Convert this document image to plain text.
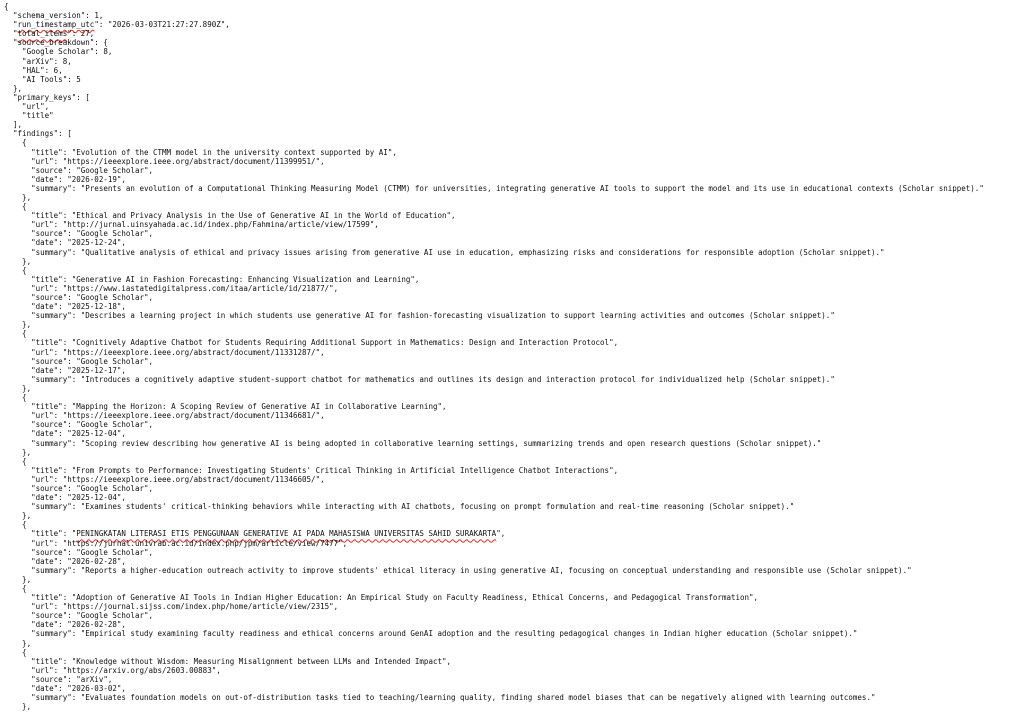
{
"schema_version": 1,
"run_timestamp_utc": "2026-03-03T21:27:27.890Z",
"total_items": 27,
"source_breakdown": {
"Google Scholar": 8,
"arXiv": 8,
"HAL": 6,
"AI Tools": 5
},
"primary_keys": [
"url",
"title"
],
"findings": [
{
"title": "Evolution of the CTMM model in the university context supported by AI",
"url": "https://ieeexplore.ieee.org/abstract/document/11399951/",
"source": "Google Scholar",
"date": "2026-02-19",
"summary": "Presents an evolution of a Computational Thinking Measuring Model (CTMM) for universities, integrating generative AI tools to support the model and its use in educational contexts (Scholar snippet)."
},
{
"title": "Ethical and Privacy Analysis in the Use of Generative AI in the World of Education",
"url": "http://jurnal.uinsyahada.ac.id/index.php/Fahmina/article/view/17599",
"source": "Google Scholar",
"date": "2025-12-24",
"summary": "Qualitative analysis of ethical and privacy issues arising from generative AI use in education, emphasizing risks and considerations for responsible adoption (Scholar snippet)."
},
{
"title": "Generative AI in Fashion Forecasting: Enhancing Visualization and Learning",
"url": "https://www.iastatedigitalpress.com/itaa/article/id/21877/",
"source": "Google Scholar",
"date": "2025-12-18",
"summary": "Describes a learning project in which students use generative AI for fashion-forecasting visualization to support learning activities and outcomes (Scholar snippet)."
},
{
"title": "Cognitively Adaptive Chatbot for Students Requiring Additional Support in Mathematics: Design and Interaction Protocol",
"url": "https://ieeexplore.ieee.org/abstract/document/11331287/",
"source": "Google Scholar",
"date": "2025-12-17",
"summary": "Introduces a cognitively adaptive student-support chatbot for mathematics and outlines its design and interaction protocol for individualized help (Scholar snippet)."
},
{
"title": "Mapping the Horizon: A Scoping Review of Generative AI in Collaborative Learning",
"url": "https://ieeexplore.ieee.org/abstract/document/11346681/",
"source": "Google Scholar",
"date": "2025-12-04",
"summary": "Scoping review describing how generative AI is being adopted in collaborative learning settings, summarizing trends and open research questions (Scholar snippet)."
},
{
"title": "From Prompts to Performance: Investigating Students' Critical Thinking in Artificial Intelligence Chatbot Interactions",
"url": "https://ieeexplore.ieee.org/abstract/document/11346605/",
"source": "Google Scholar",
"date": "2025-12-04",
"summary": "Examines students' critical-thinking behaviors while interacting with AI chatbots, focusing on prompt formulation and real-time reasoning (Scholar snippet)."
},
{
"title": "PENINGKATAN LITERASI ETIS PENGGUNAAN GENERATIVE AI PADA MAHASISWA UNIVERSITAS SAHID SURAKARTA",
"url": "https://jurnal.univrab.ac.id/index.php/jpm/article/view/7477",
"source": "Google Scholar",
"date": "2026-02-28",
"summary": "Reports a higher-education outreach activity to improve students' ethical literacy in using generative AI, focusing on conceptual understanding and responsible use (Scholar snippet)."
},
{
"title": "Adoption of Generative AI Tools in Indian Higher Education: An Empirical Study on Faculty Readiness, Ethical Concerns, and Pedagogical Transformation",
"url": "https://journal.sijss.com/index.php/home/article/view/2315",
"source": "Google Scholar",
"date": "2026-02-28",
"summary": "Empirical study examining faculty readiness and ethical concerns around GenAI adoption and the resulting pedagogical changes in Indian higher education (Scholar snippet)."
},
{
"title": "Knowledge without Wisdom: Measuring Misalignment between LLMs and Intended Impact",
"url": "https://arxiv.org/abs/2603.00883",
"source": "arXiv",
"date": "2026-03-02",
"summary": "Evaluates foundation models on out-of-distribution tasks tied to teaching/learning quality, finding shared model biases that can be negatively aligned with learning outcomes."
},
